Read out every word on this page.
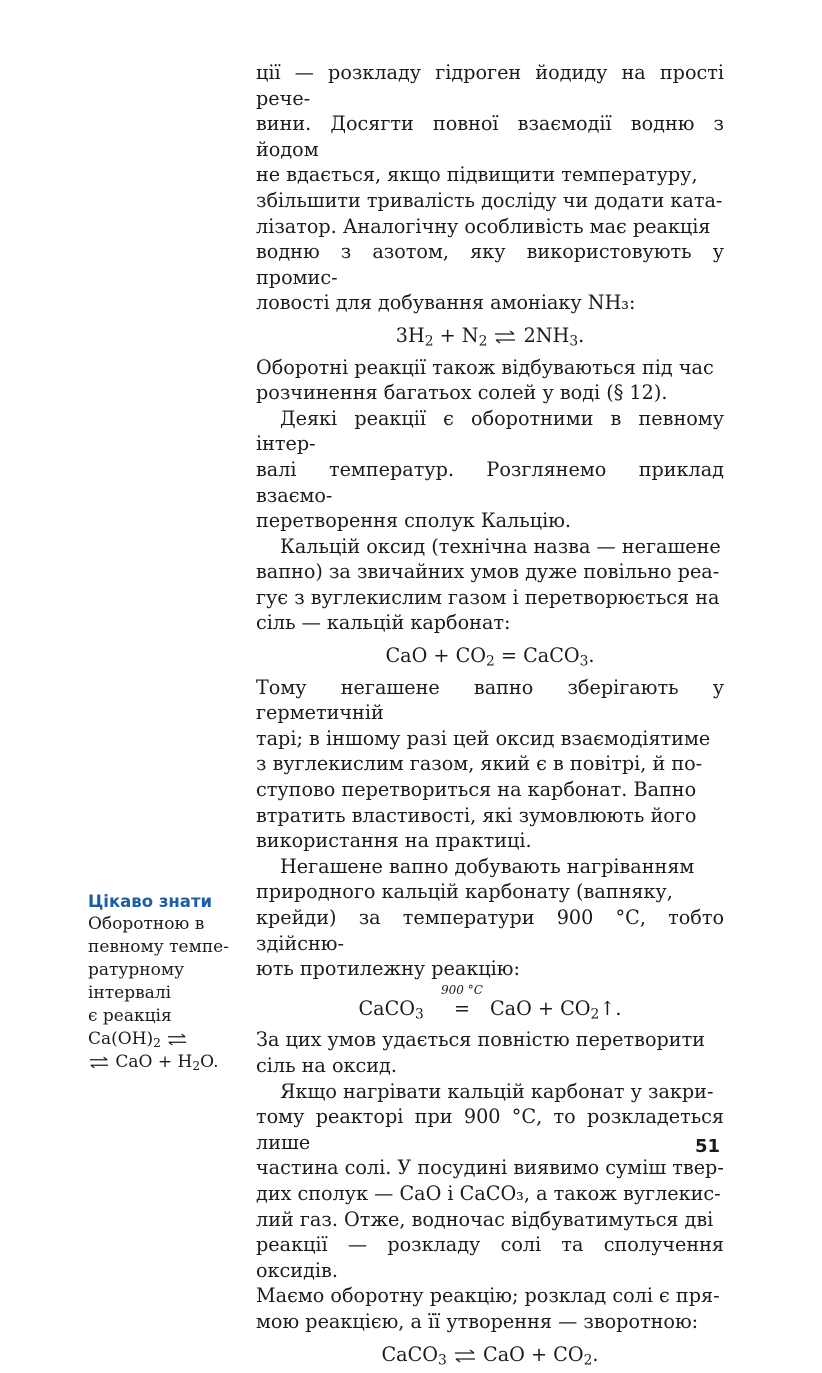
ції — розкладу гідроген йодиду на прості рече-
вини. Досягти повної взаємодії водню з йодом
не вдається, якщо підвищити температуру,
збільшити тривалість досліду чи додати ката-
лізатор. Аналогічну особливість має реакція
водню з азотом, яку використовують у промис-
ловості для добування амоніаку NH₃:

$3H_2 + N_2$ ⇌ $2NH_3$.

Оборотні реакції також відбуваються під час
розчинення багатьох солей у воді (§ 12).

Деякі реакції є оборотними в певному інтер-
валі температур. Розглянемо приклад взаємо-
перетворення сполук Кальцію.

Кальцій оксид (технічна назва — негашене
вапно) за звичайних умов дуже повільно реа-
гує з вуглекислим газом і перетворюється на
сіль — кальцій карбонат:

CaO + $CO_2$ = CaCO$_3$.

Тому негашене вапно зберігають у герметичній
тарі; в іншому разі цей оксид взаємодіятиме
з вуглекислим газом, який є в повітрі, й по-
ступово перетвориться на карбонат. Вапно
втратить властивості, які зумовлюють його
використання на практиці.

Негашене вапно добувають нагріванням
природного кальцій карбонату (вапняку,
крейди) за температури 900 °С, тобто здійсню-
ють протилежну реакцію:

CaCO$_3$
900 °C
= CaO + $CO_2↑$.

За цих умов удається повністю перетворити
сіль на оксид.

Якщо нагрівати кальцій карбонат у закри-
тому реакторі при 900 °С, то розкладеться лише
частина солі. У посудині виявимо суміш твер-
дих сполук — CaO і CaCO₃, а також вуглекис-
лий газ. Отже, водночас відбуватимуться дві
реакції — розкладу солі та сполучення оксидів.
Маємо оборотну реакцію; розклад солі є пря-
мою реакцією, а її утворення — зворотною:

CaCO$_3$ ⇌ CaO + $CO_2$.
Цікаво знати
Оборотною в
певному темпе-
ратурному
інтервалі
є реакція
$Ca(OH)_2$ ⇌
⇌ CaO + $H_2O$.
51
